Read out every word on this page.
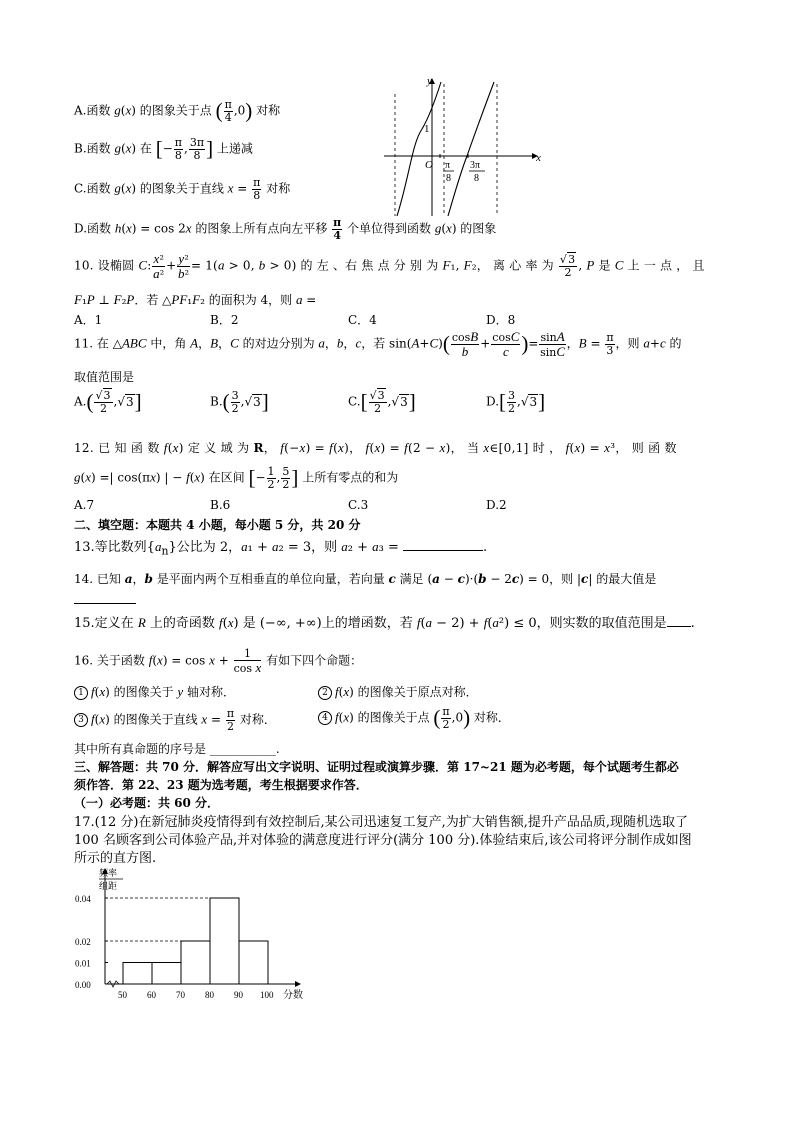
A.函数 g(x) 的图象关于点 ( $\frac{\pi}{4} ,0$) 对称
B.函数 g(x) 在 [− $\frac{\pi}{8}$ , $\frac{3\pi}{8}$ ] 上递减
C.函数 g(x) 的图象关于直线 $x = \frac{\pi}{8}$ 对称
D.函数 h(x) = cos 2x 的图象上所有点向左平移 $\frac{\pi}{4}$ 个单位得到函数 g(x) 的图象
y
x
1
O π
8
3π
8
10. 设椭圆 C: $\frac{\text{x²}}{\text{a²}} + \frac{\text{y²}}{\text{b²}} = 1(a > 0$, b > 0) 的 左 、右 焦 点 分 别 为 F₁, F₂， 离 心 率 为 $\frac{√3}{2}$ , P 是 C 上 一 点 ， 且
F₁P ⊥ F₂P．若 △PF₁F₂ 的面积为 4，则 a =
A．1	B．2	C．4	D．8
11. 在 △ABC 中，角 A，B，C 的对边分别为 a，b，c，若 $\sin(A+C)( \frac{\cos B}{b} + \frac{\cos C}{c}$ )= $\frac{\sin A}{\sin C}$ ，$B = \frac{\pi}{3}$ ，则 a+c 的
取值范围是
$A.( \frac{√3}{2} ,√3]$	$B.( \frac{3}{2} ,√3]$	$C.[ \frac{√3}{2} ,√3]$	$D.[ \frac{3}{2} ,√3]$
12. 已 知 函 数 f(x) 定 义 域 为 R， f(−x) = f(x)， f(x) = f(2 − x)， 当 x∈[0,1] 时 ， f(x) = x³， 则 函 数
g(x) =| cos(πx) | − f(x) 在区间 [− $\frac{1}{2}$ , $\frac{5}{2}$ ] 上所有零点的和为
A.7	B.6	C.3	D.2
二、填空题：本题共 4 小题，每小题 5 分，共 20 分
13.等比数列$\{a_n\}$公比为 2，a₁ + a₂ = 3，则 a₂ + a₃ =	.
14. 已知 a，b 是平面内两个互相垂直的单位向量，若向量 c 满足 (a − c)·(b − 2c) = 0，则 |c| 的最大值是
15.定义在 R 上的奇函数 f(x) 是 (−∞, +∞)上的增函数，若 f(a − 2) + f(a²) ≤ 0，则实数的取值范围是 .
16. 关于函数 $f(x) = \cos x + \frac{1}{\text{cos x}}$ 有如下四个命题：
1 f(x) 的图像关于 y 轴对称．	2 f(x) 的图像关于原点对称．
3 f(x) 的图像关于直线 $x = \frac{\pi}{2}$ 对称．	4 f(x) 的图像关于点 ( $\frac{\pi}{2} ,0$) 对称．
其中所有真命题的序号是 ___________.
三、解答题：共 70 分．解答应写出文字说明、证明过程或演算步骤．第 17~21 题为必考题，每个试题考生都必
须作答．第 22、23 题为选考题，考生根据要求作答．
（一）必考题：共 60 分．
17.(12 分)在新冠肺炎疫情得到有效控制后,某公司迅速复工复产,为扩大销售额,提升产品品质,现随机选取了
100 名顾客到公司体验产品,并对体验的满意度进行评分(满分 100 分).体验结束后,该公司将评分制作成如图
所示的直方图.
0.00
0.01
0.02
0.04
50 60 70 80 90 100 分数
频率
组距
